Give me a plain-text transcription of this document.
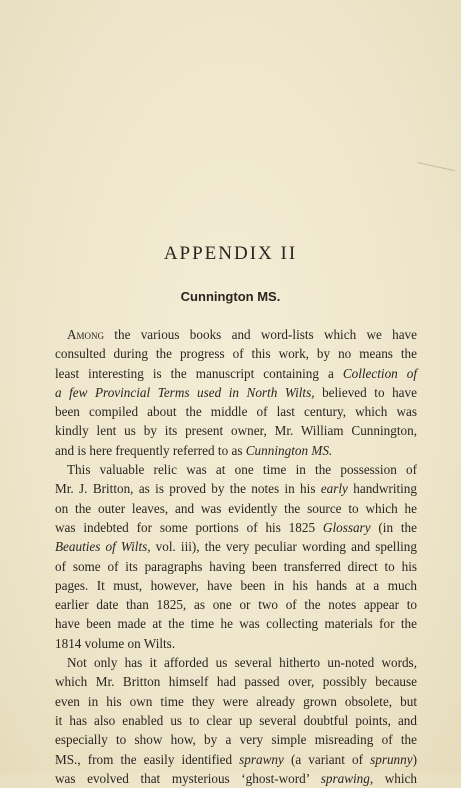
APPENDIX II
Cunnington MS.
Among the various books and word-lists which we have
consulted during the progress of this work, by no means the
least interesting is the manuscript containing a Collection of
a few Provincial Terms used in North Wilts, believed to have
been compiled about the middle of last century, which was
kindly lent us by its present owner, Mr. William Cunnington,
and is here frequently referred to as Cunnington MS.
This valuable relic was at one time in the possession of
Mr. J. Britton, as is proved by the notes in his early handwriting
on the outer leaves, and was evidently the source to which he
was indebted for some portions of his 1825 Glossary (in the
Beauties of Wilts, vol. iii), the very peculiar wording and spelling
of some of its paragraphs having been transferred direct to his
pages. It must, however, have been in his hands at a much
earlier date than 1825, as one or two of the notes appear to
have been made at the time he was collecting materials for the
1814 volume on Wilts.
Not only has it afforded us several hitherto un-noted words,
which Mr. Britton himself had passed over, possibly because
even in his own time they were already grown obsolete, but
it has also enabled us to clear up several doubtful points, and
especially to show how, by a very simple misreading of the
MS., from the easily identified sprawny (a variant of sprunny)
was evolved that mysterious ‘ghost-word’ sprawing, which
